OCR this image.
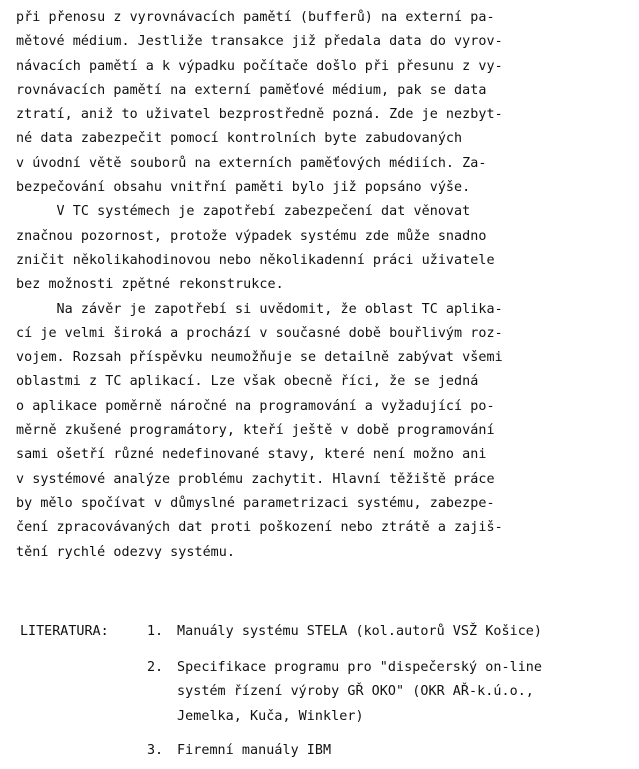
při přenosu z vyrovnávacích pamětí (bufferů) na externí pa-
mětové médium. Jestliže transakce již předala data do vyrov-
návacích pamětí a k výpadku počítače došlo při přesunu z vy-
rovnávacích pamětí na externí paměťové médium, pak se data
ztratí, aniž to uživatel bezprostředně pozná. Zde je nezbyt-
né data zabezpečit pomocí kontrolních byte zabudovaných
v úvodní větě souborů na externích paměťových médiích. Za-
bezpečování obsahu vnitřní paměti bylo již popsáno výše.
V TC systémech je zapotřebí zabezpečení dat věnovat
značnou pozornost, protože výpadek systému zde může snadno
zničit několikahodinovou nebo několikadenní práci uživatele
bez možnosti zpětné rekonstrukce.
Na závěr je zapotřebí si uvědomit, že oblast TC aplika-
cí je velmi široká a prochází v současné době bouřlivým roz-
vojem. Rozsah příspěvku neumožňuje se detailně zabývat všemi
oblastmi z TC aplikací. Lze však obecně říci, že se jedná
o aplikace poměrně náročné na programování a vyžadující po-
měrně zkušené programátory, kteří ještě v době programování
sami ošetří různé nedefinované stavy, které není možno ani
v systémové analýze problému zachytit. Hlavní těžiště práce
by mělo spočívat v důmyslné parametrizaci systému, zabezpe-
čení zpracovávaných dat proti poškození nebo ztrátě a zajiš-
tění rychlé odezvy systému.
LITERATURA:	1. Manuály systému STELA (kol.autorů VSŽ Košice)
2. Specifikace programu pro "dispečerský on-line
systém řízení výroby GŘ OKO" (OKR AŘ-k.ú.o.,
Jemelka, Kuča, Winkler)
3. Firemní manuály IBM
